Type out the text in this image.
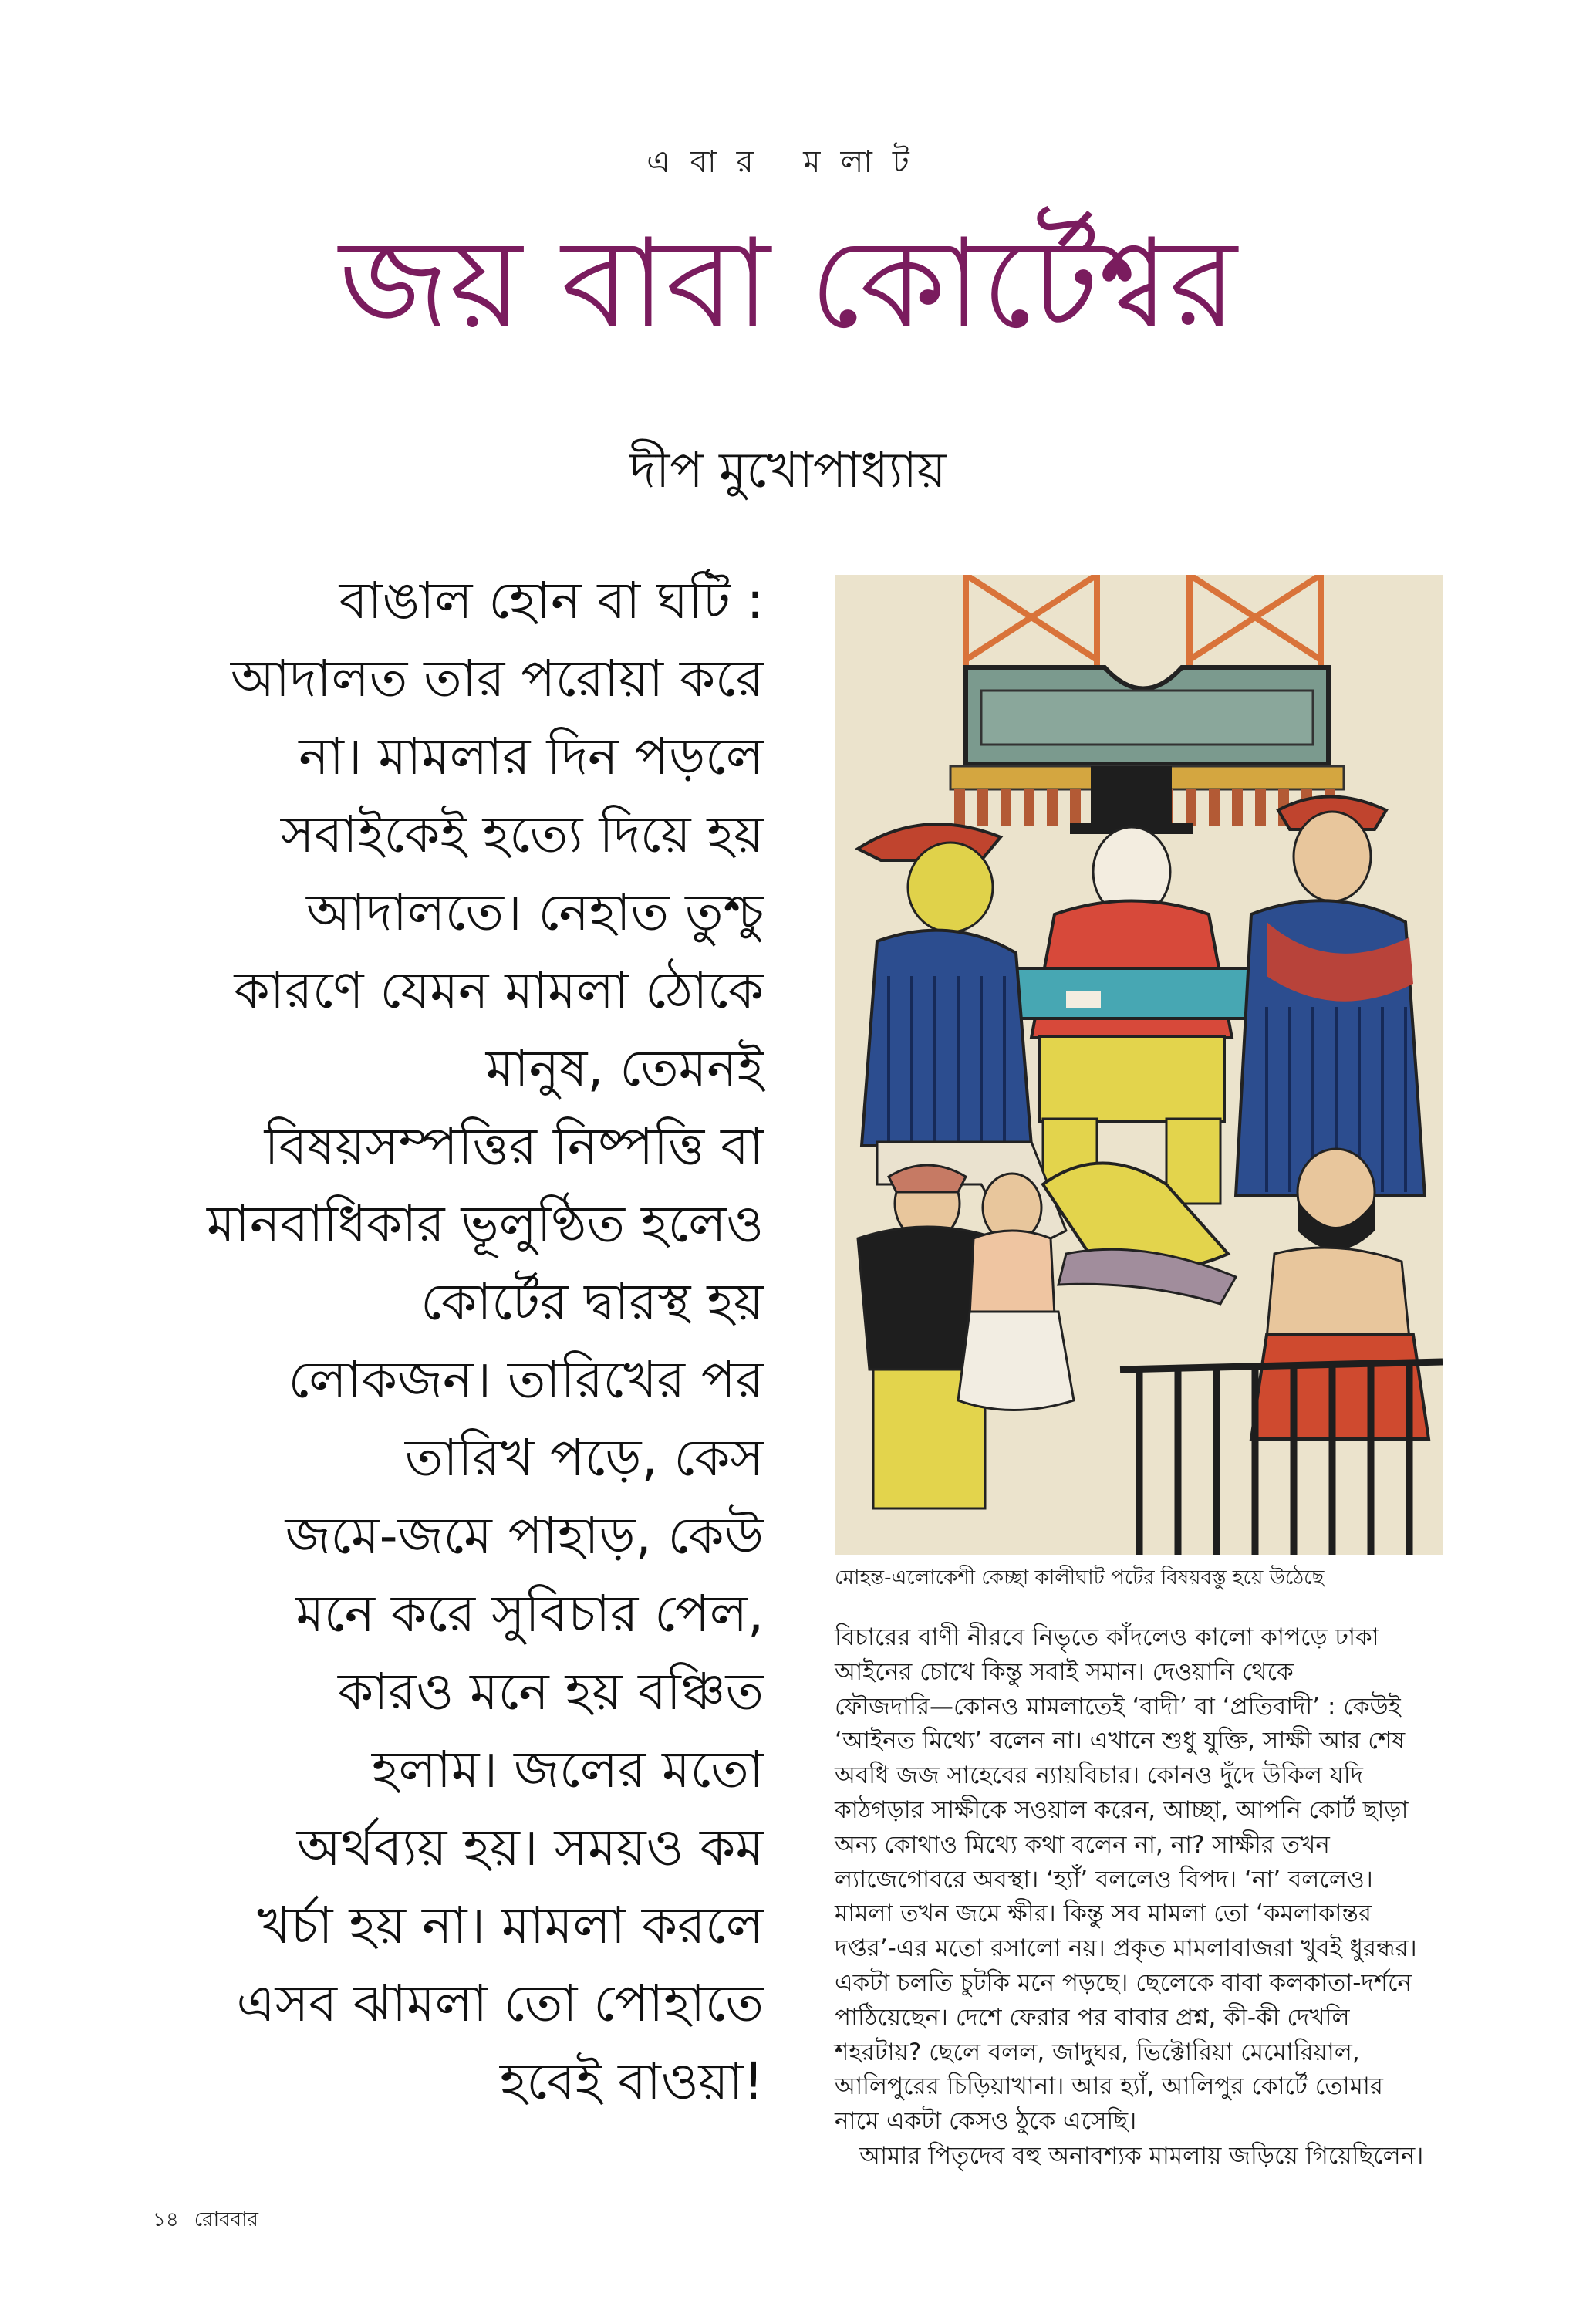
এবার মলাট
জয় বাবা কোর্টেশ্বর
দীপ মুখোপাধ্যায়
বাঙাল হোন বা ঘটি :
আদালত তার পরোয়া করে
না। মামলার দিন পড়লে
সবাইকেই হত্যে দিয়ে হয়
আদালতে। নেহাত তুশ্চু
কারণে যেমন মামলা ঠোকে
মানুষ, তেমনই
বিষয়সম্পত্তির নিষ্পত্তি বা
মানবাধিকার ভূলুণ্ঠিত হলেও
কোর্টের দ্বারস্থ হয়
লোকজন। তারিখের পর
তারিখ পড়ে, কেস
জমে-জমে পাহাড়, কেউ
মনে করে সুবিচার পেল,
কারও মনে হয় বঞ্চিত
হলাম। জলের মতো
অর্থব্যয় হয়। সময়ও কম
খর্চা হয় না। মামলা করলে
এসব ঝামলা তো পোহাতে
হবেই বাওয়া!
মোহন্ত-এলোকেশী কেচ্ছা কালীঘাট পটের বিষয়বস্তু হয়ে উঠেছে
বিচারের বাণী নীরবে নিভৃতে কাঁদলেও কালো কাপড়ে ঢাকা
আইনের চোখে কিন্তু সবাই সমান। দেওয়ানি থেকে
ফৌজদারি—কোনও মামলাতেই ‘বাদী’ বা ‘প্রতিবাদী’ : কেউই
‘আইনত মিথ্যে’ বলেন না। এখানে শুধু যুক্তি, সাক্ষী আর শেষ
অবধি জজ সাহেবের ন্যায়বিচার। কোনও দুঁদে উকিল যদি
কাঠগড়ার সাক্ষীকে সওয়াল করেন, আচ্ছা, আপনি কোর্ট ছাড়া
অন্য কোথাও মিথ্যে কথা বলেন না, না? সাক্ষীর তখন
ল্যাজেগোবরে অবস্থা। ‘হ্যাঁ’ বললেও বিপদ। ‘না’ বললেও।
মামলা তখন জমে ক্ষীর। কিন্তু সব মামলা তো ‘কমলাকান্তর
দপ্তর’-এর মতো রসালো নয়। প্রকৃত মামলাবাজরা খুবই ধুরন্ধর।
একটা চলতি চুটকি মনে পড়ছে। ছেলেকে বাবা কলকাতা-দর্শনে
পাঠিয়েছেন। দেশে ফেরার পর বাবার প্রশ্ন, কী-কী দেখলি
শহরটায়? ছেলে বলল, জাদুঘর, ভিক্টোরিয়া মেমোরিয়াল,
আলিপুরের চিড়িয়াখানা। আর হ্যাঁ, আলিপুর কোর্টে তোমার
নামে একটা কেসও ঠুকে এসেছি।
আমার পিতৃদেব বহু অনাবশ্যক মামলায় জড়িয়ে গিয়েছিলেন।
১৪ রোববার
